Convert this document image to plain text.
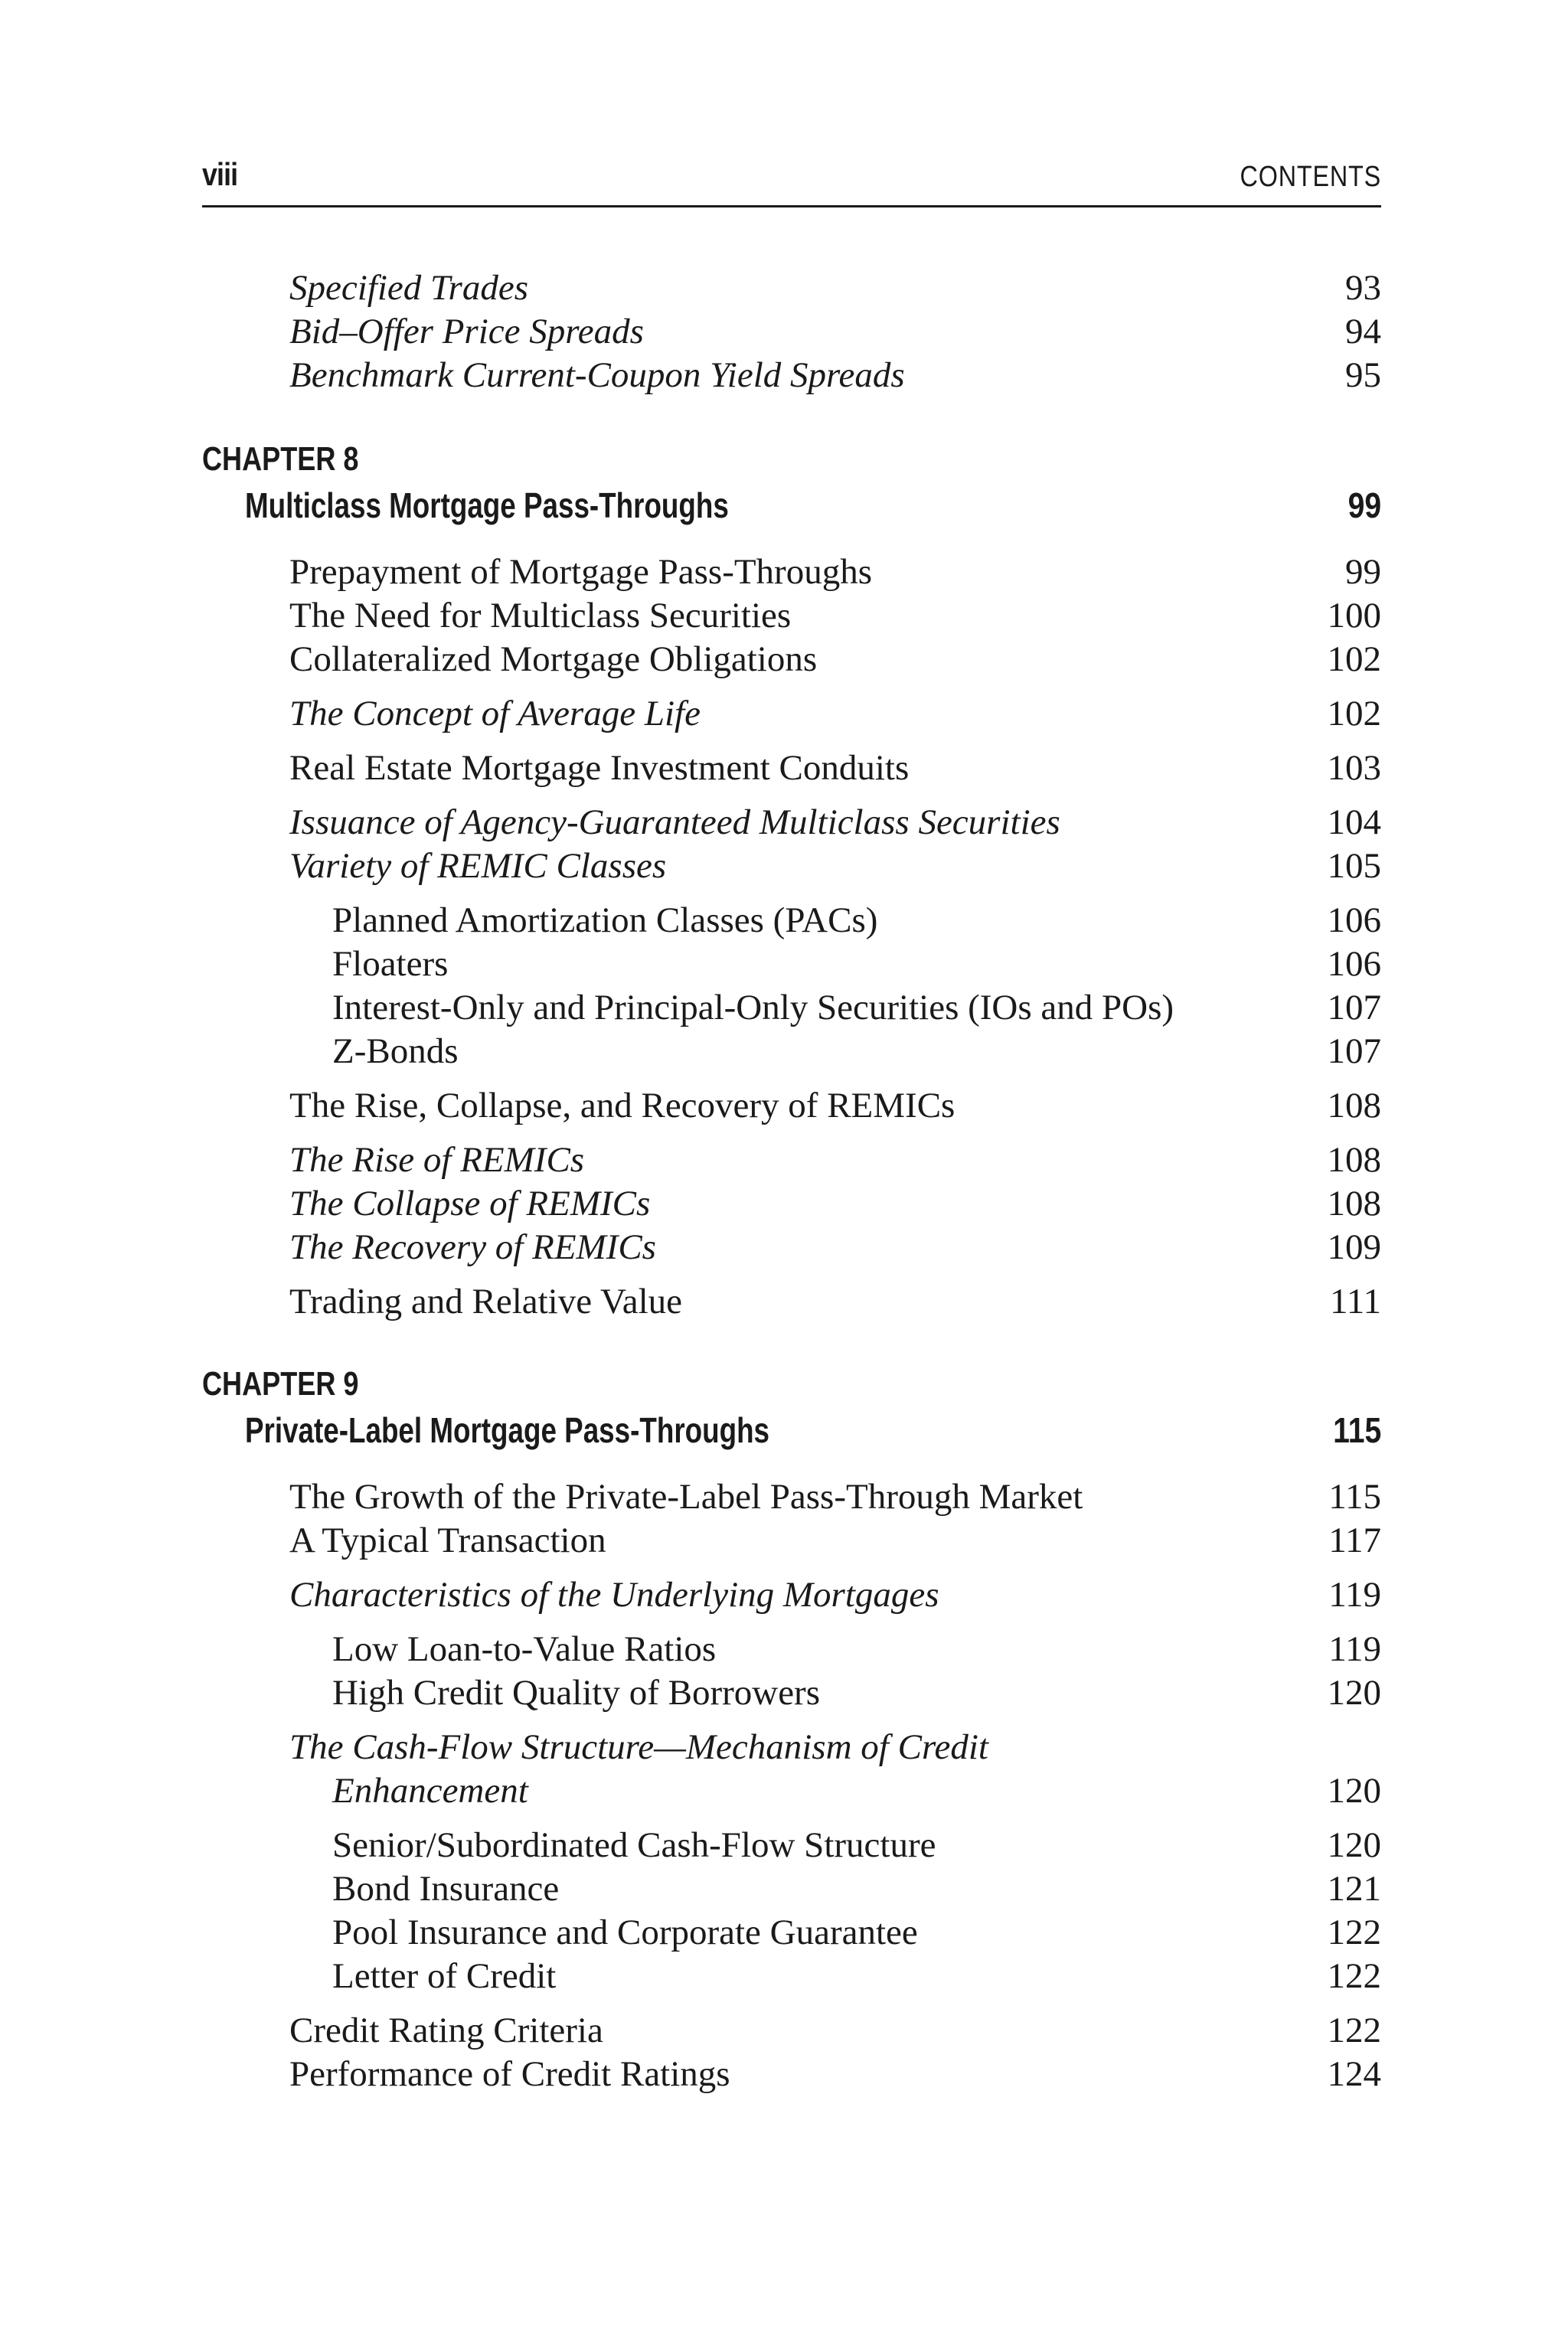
viii	CONTENTS
Specified Trades	93
Bid–Offer Price Spreads	94
Benchmark Current-Coupon Yield Spreads	95
CHAPTER 8
Multiclass Mortgage Pass-Throughs	99
Prepayment of Mortgage Pass-Throughs	99
The Need for Multiclass Securities	100
Collateralized Mortgage Obligations	102
The Concept of Average Life	102
Real Estate Mortgage Investment Conduits	103
Issuance of Agency-Guaranteed Multiclass Securities	104
Variety of REMIC Classes	105
Planned Amortization Classes (PACs)	106
Floaters	106
Interest-Only and Principal-Only Securities (IOs and POs)	107
Z-Bonds	107
The Rise, Collapse, and Recovery of REMICs	108
The Rise of REMICs	108
The Collapse of REMICs	108
The Recovery of REMICs	109
Trading and Relative Value	111
CHAPTER 9
Private-Label Mortgage Pass-Throughs	115
The Growth of the Private-Label Pass-Through Market	115
A Typical Transaction	117
Characteristics of the Underlying Mortgages	119
Low Loan-to-Value Ratios	119
High Credit Quality of Borrowers	120
The Cash-Flow Structure—Mechanism of Credit
Enhancement	120
Senior/Subordinated Cash-Flow Structure	120
Bond Insurance	121
Pool Insurance and Corporate Guarantee	122
Letter of Credit	122
Credit Rating Criteria	122
Performance of Credit Ratings	124
